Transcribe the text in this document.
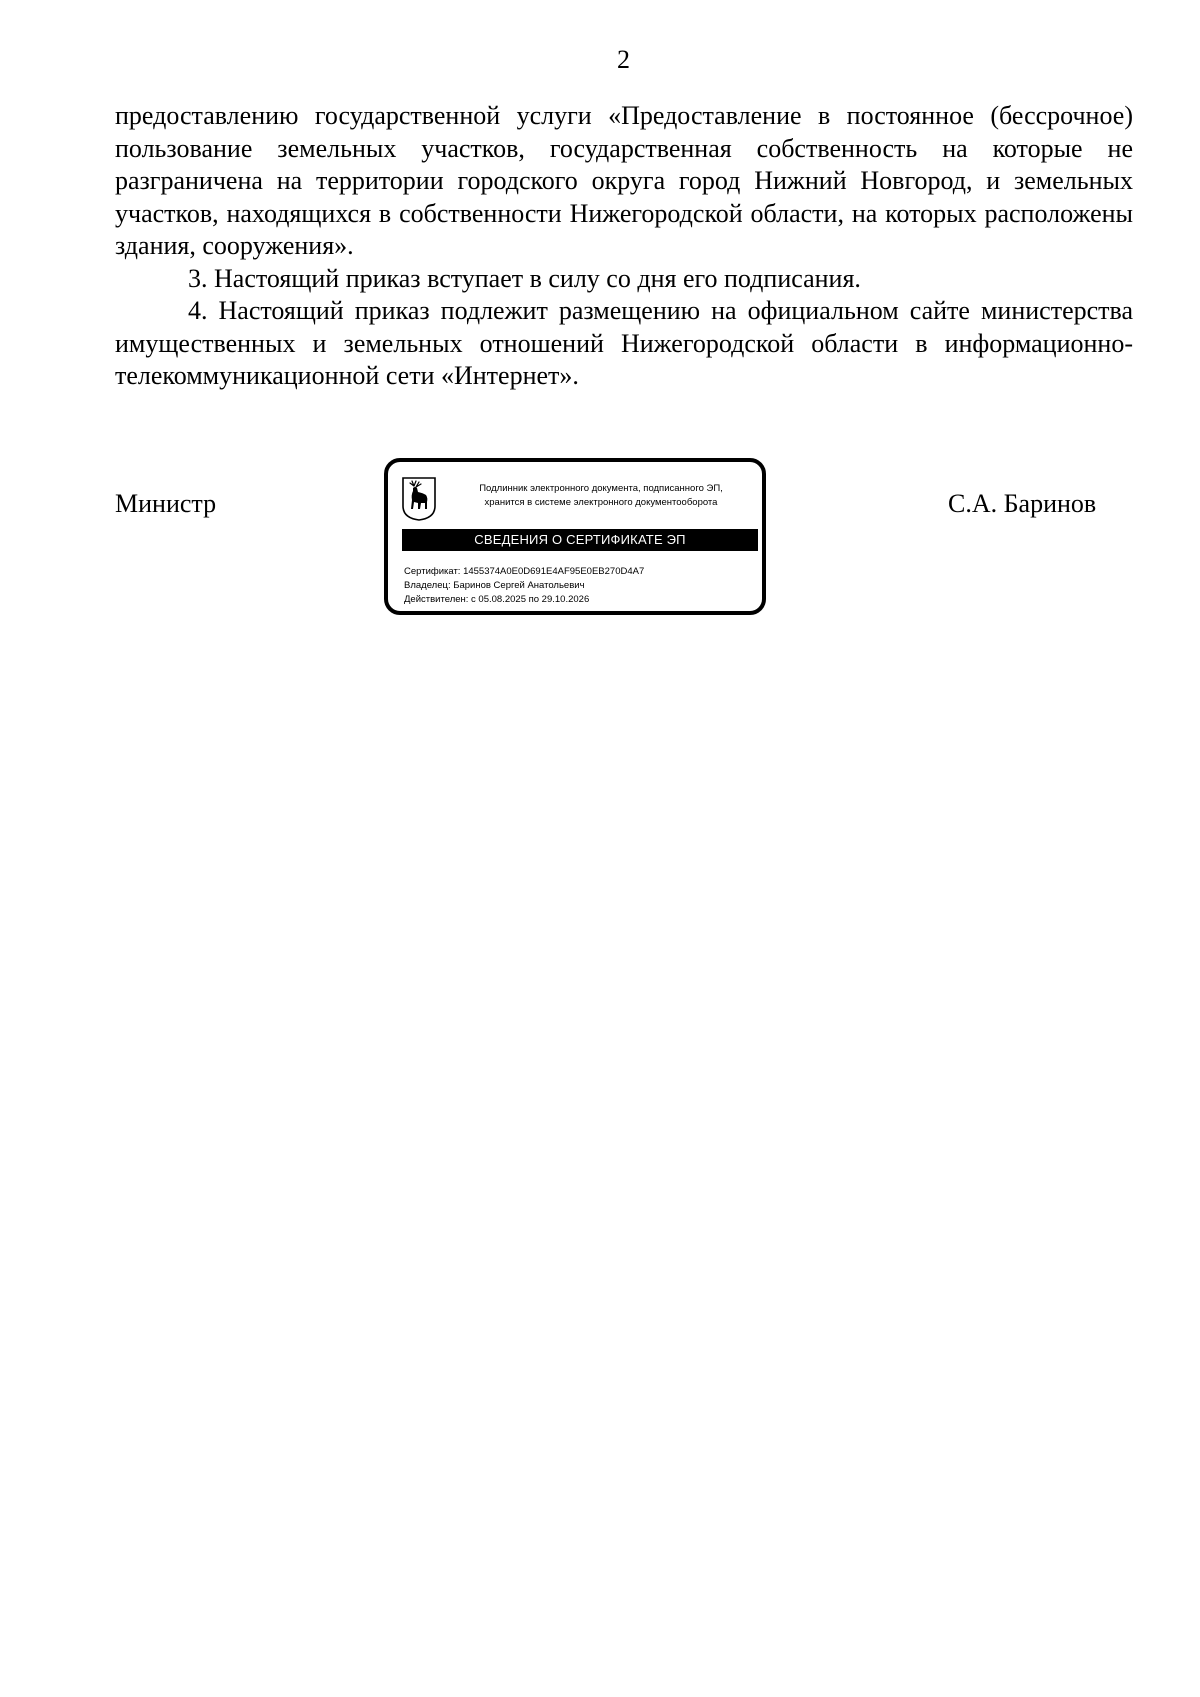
2

предоставлению государственной услуги «Предоставление в постоянное (бессрочное) пользование земельных участков, государственная собственность на которые не разграничена на территории городского округа город Нижний Новгород, и земельных участков, находящихся в собственности Нижегородской области, на которых расположены здания, сооружения».

3. Настоящий приказ вступает в силу со дня его подписания.

4. Настоящий приказ подлежит размещению на официальном сайте министерства имущественных и земельных отношений Нижегородской области в информационно-телекоммуникационной сети «Интернет».

Министр	С.А. Баринов
Подлинник электронного документа, подписанного ЭП,
хранится в системе электронного документооборота
СВЕДЕНИЯ О СЕРТИФИКАТЕ ЭП
Сертификат: 1455374A0E0D691E4AF95E0EB270D4A7
Владелец: Баринов Сергей Анатольевич
Действителен: с 05.08.2025 по 29.10.2026
